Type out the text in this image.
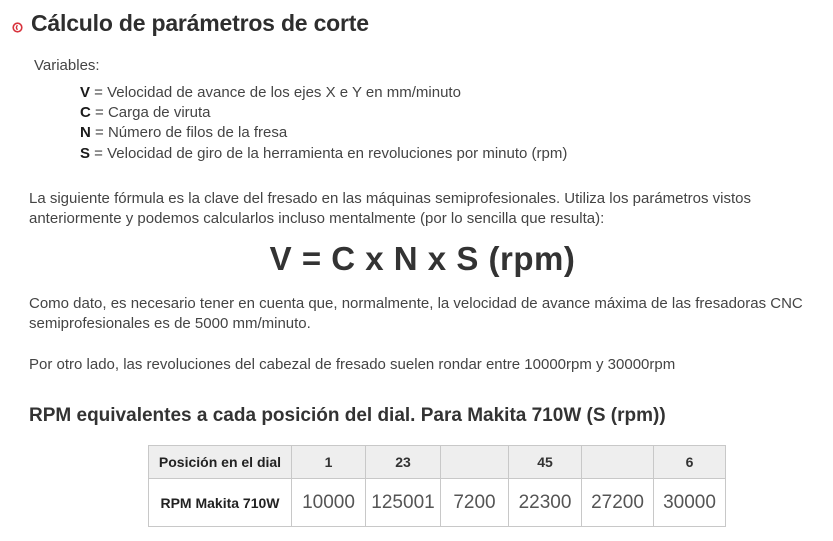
Cálculo de parámetros de corte
Variables:
V = Velocidad de avance de los ejes X e Y en mm/minuto
C = Carga de viruta
N = Número de filos de la fresa
S = Velocidad de giro de la herramienta en revoluciones por minuto (rpm)
La siguiente fórmula es la clave del fresado en las máquinas semiprofesionales. Utiliza los parámetros vistos anteriormente y podemos calcularlos incluso mentalmente (por lo sencilla que resulta):
V = C x N x S (rpm)
Como dato, es necesario tener en cuenta que, normalmente, la velocidad de avance máxima de las fresadoras CNC semiprofesionales es de 5000 mm/minuto.
Por otro lado, las revoluciones del cabezal de fresado suelen rondar entre 10000rpm y 30000rpm
RPM equivalentes a cada posición del dial. Para Makita 710W (S (rpm))
Posición en el dial	1	23		45		6
RPM Makita 710W	10000	125001	7200	22300	27200	30000
